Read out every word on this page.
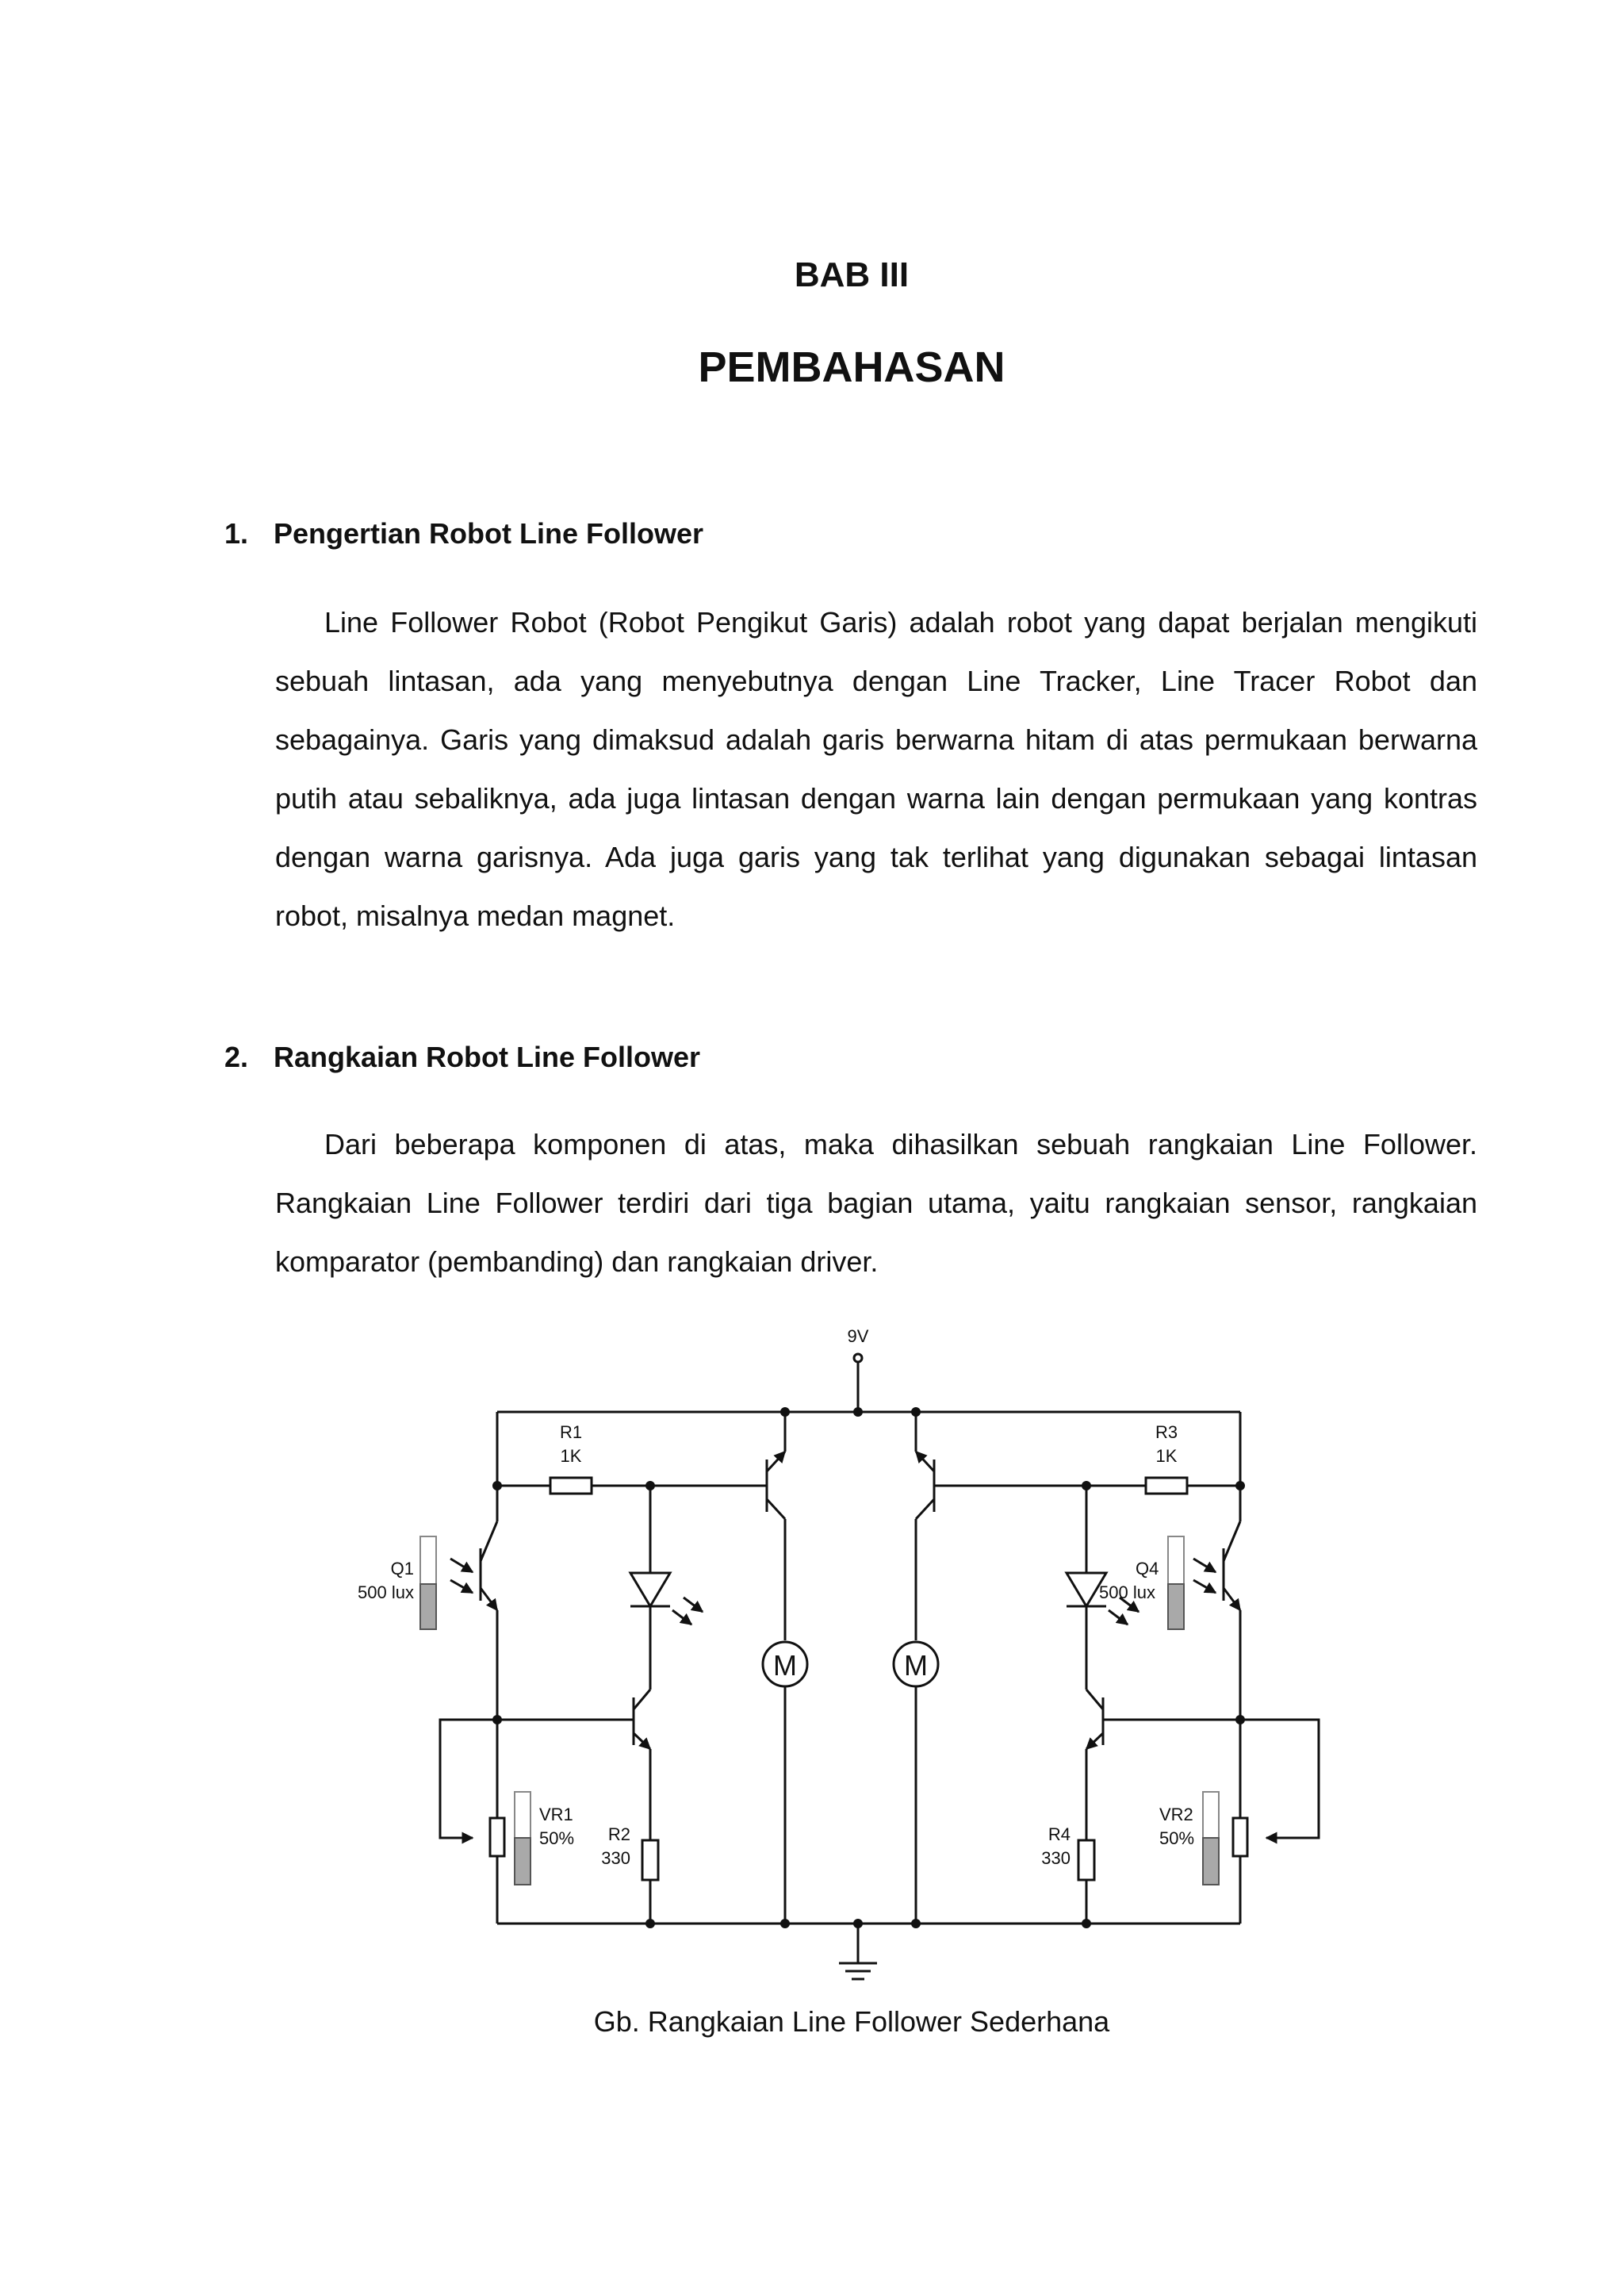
BAB III
PEMBAHASAN
1. Pengertian Robot Line Follower

Line Follower Robot (Robot Pengikut Garis) adalah robot yang dapat berjalan mengikuti sebuah lintasan, ada yang menyebutnya dengan Line Tracker, Line Tracer Robot dan sebagainya. Garis yang dimaksud adalah garis berwarna hitam di atas permukaan berwarna putih atau sebaliknya, ada juga lintasan dengan warna lain dengan permukaan yang kontras dengan warna garisnya. Ada juga garis yang tak terlihat yang digunakan sebagai lintasan robot, misalnya medan magnet.

2. Rangkaian Robot Line Follower

Dari beberapa komponen di atas, maka dihasilkan sebuah rangkaian Line Follower. Rangkaian Line Follower terdiri dari tiga bagian utama, yaitu rangkaian sensor, rangkaian komparator (pembanding) dan rangkaian driver.

M	M
9V
R1
1K
R3
1K
Q1
500 lux
Q4
500 lux
VR1
50%
VR2
50%
R2
330
R4
330
Gb. Rangkaian Line Follower Sederhana
